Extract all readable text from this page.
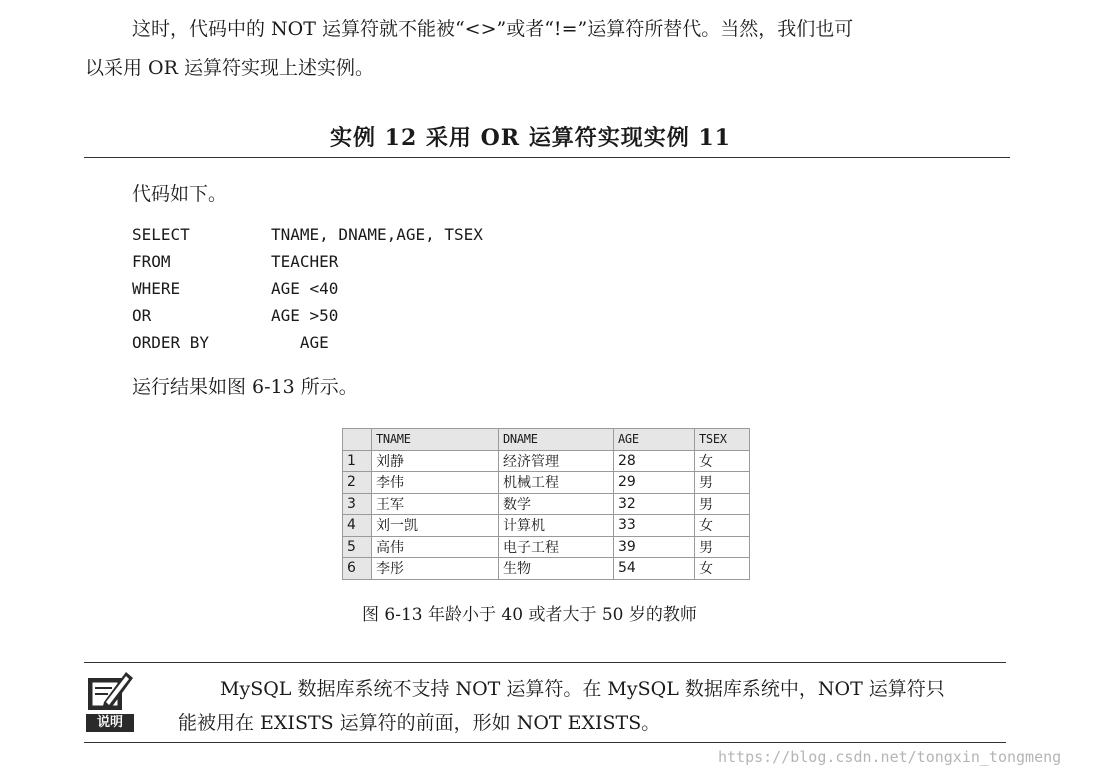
这时，代码中的 NOT 运算符就不能被“<>”或者“!=”运算符所替代。当然，我们也可
以采用 OR 运算符实现上述实例。
实例 12 采用 OR 运算符实现实例 11
代码如下。
SELECT	TNAME, DNAME,AGE, TSEX
FROM	TEACHER
WHERE	AGE <40
OR	AGE >50
ORDER BY	AGE
运行结果如图 6-13 所示。
	TNAME	DNAME	AGE	TSEX
1	刘静	经济管理	28	女
2	李伟	机械工程	29	男
3	王军	数学	32	男
4	刘一凯	计算机	33	女
5	高伟	电子工程	39	男
6	李彤	生物	54	女
图 6-13 年龄小于 40 或者大于 50 岁的教师
说明
MySQL 数据库系统不支持 NOT 运算符。在 MySQL 数据库系统中，NOT 运算符只
能被用在 EXISTS 运算符的前面，形如 NOT EXISTS。
https://blog.csdn.net/tongxin_tongmeng
